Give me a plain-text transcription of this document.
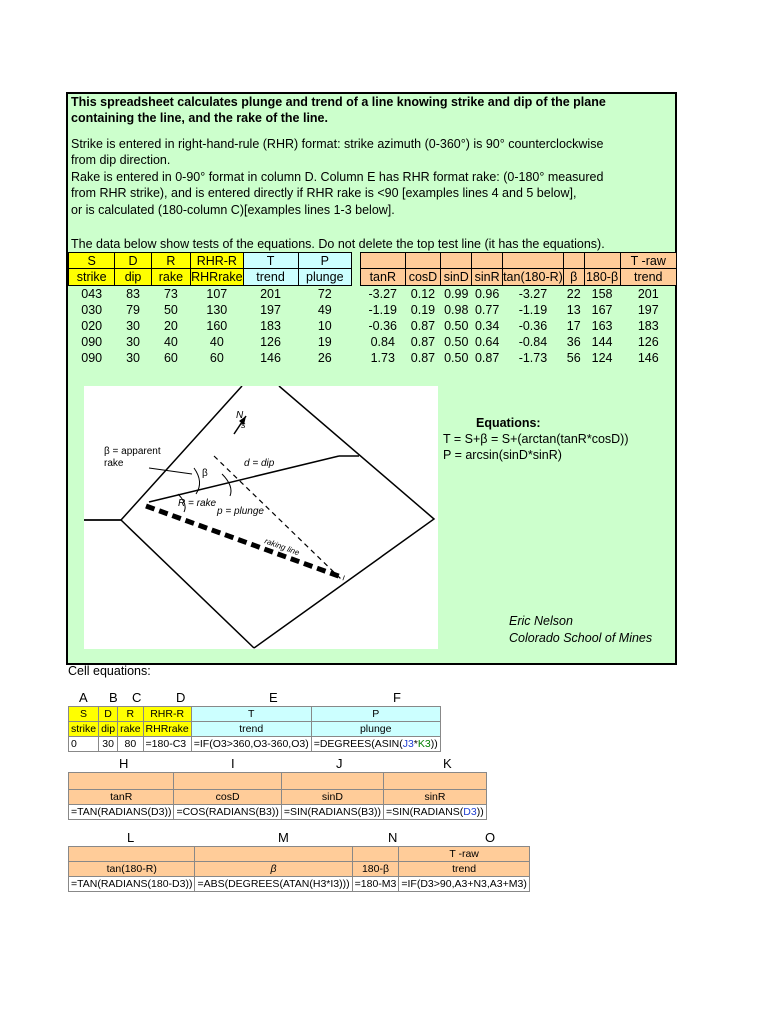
This spreadsheet calculates plunge and trend of a line knowing strike and dip of the plane
containing the line, and the rake of the line.
Strike is entered in right-hand-rule (RHR) format: strike azimuth (0-360°) is 90° counterclockwise
from dip direction.
Rake is entered in 0-90° format in column D. Column E has RHR format rake: (0-180° measured
from RHR strike), and is entered directly if RHR rake is <90 [examples lines 4 and 5 below],
or is calculated (180-column C)[examples lines 1-3 below].
The data below show tests of the equations. Do not delete the top test line (it has the equations).
S	D	R	RHR-R	T	P
strike	dip	rake	RHRrake	trend	plunge
043	83	73	107	201	72
030	79	50	130	197	49
020	30	20	160	183	10
090	30	40	40	126	19
090	30	60	60	146	26
							T -raw
tanR	cosD	sinD	sinR	tan(180-R)	β	180-β	trend
-3.27	0.12	0.99	0.96	-3.27	22	158	201
-1.19	0.19	0.98	0.77	-1.19	13	167	197
-0.36	0.87	0.50	0.34	-0.36	17	163	183
0.84	0.87	0.50	0.64	-0.84	36	144	126
1.73	0.87	0.50	0.87	-1.73	56	124	146
N
s
β = apparent
rake
β
d = dip
R = rake
p = plunge
raking line
Equations:
T = S+β = S+(arctan(tanR*cosD))
P = arcsin(sinD*sinR)
Eric Nelson
Colorado School of Mines
Cell equations:
A B C	D	E	F
S	D	R	RHR-R	T	P
strike	dip	rake	RHRrake	trend	plunge
0	30	80	=180-C3	=IF(O3>360,O3-360,O3)	=DEGREES(ASIN(J3*K3))
H	I	J	K

tanR	cosD	sinD	sinR
=TAN(RADIANS(D3))	=COS(RADIANS(B3))	=SIN(RADIANS(B3))	=SIN(RADIANS(D3))
L	M	N	O
			T -raw
tan(180-R)	β	180-β	trend
=TAN(RADIANS(180-D3))	=ABS(DEGREES(ATAN(H3*I3)))	=180-M3	=IF(D3>90,A3+N3,A3+M3)
